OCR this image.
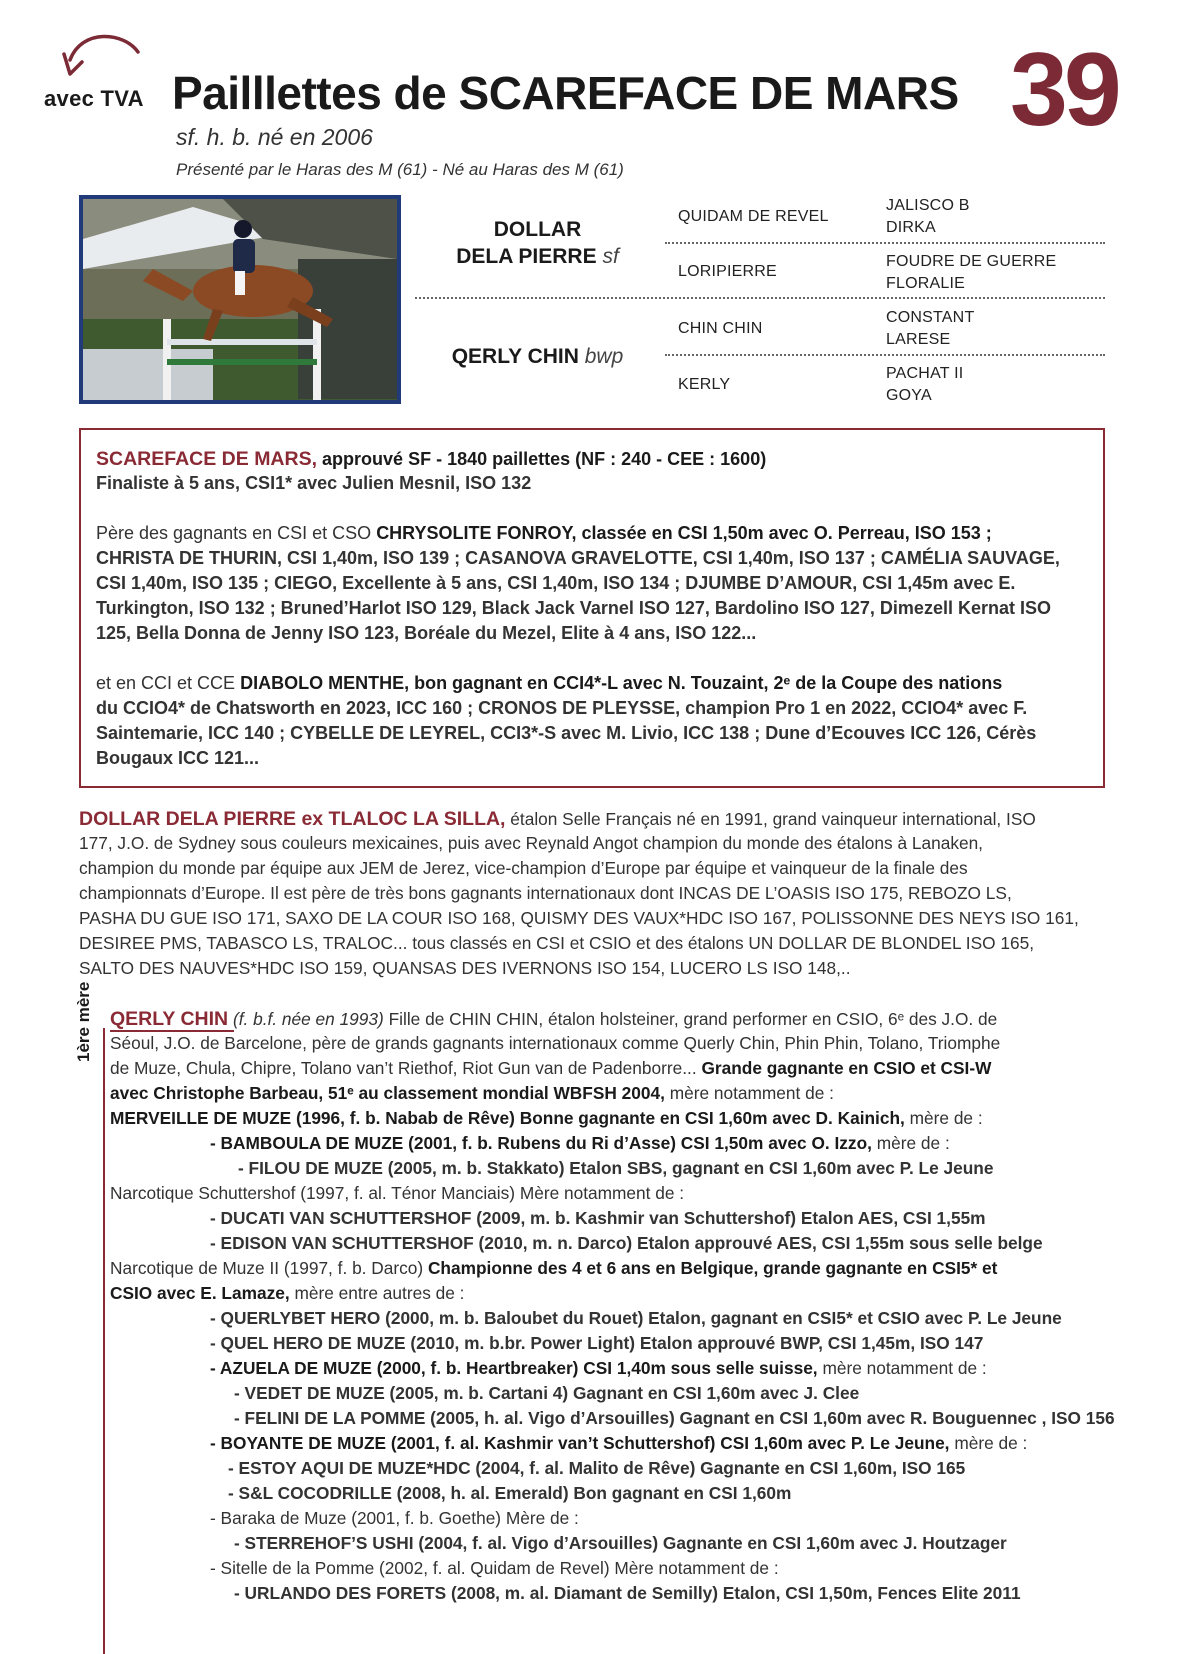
avec TVA Pailllettes de SCAREFACE DE MARS 39
sf. h. b. né en 2006
Présenté par le Haras des M (61) - Né au Haras des M (61)
DOLLAR
DELA PIERRE sf
QERLY CHIN bwp
QUIDAM DE REVEL
LORIPIERRE
CHIN CHIN
KERLY
JALISCO B
DIRKA
FOUDRE DE GUERRE
FLORALIE
CONSTANT
LARESE
PACHAT II
GOYA
SCAREFACE DE MARS, approuvé SF - 1840 paillettes (NF : 240 - CEE : 1600)
Finaliste à 5 ans, CSI1* avec Julien Mesnil, ISO 132
Père des gagnants en CSI et CSO CHRYSOLITE FONROY, classée en CSI 1,50m avec O. Perreau, ISO 153 ;
CHRISTA DE THURIN, CSI 1,40m, ISO 139 ; CASANOVA GRAVELOTTE, CSI 1,40m, ISO 137 ; CAMÉLIA SAUVAGE,
CSI 1,40m, ISO 135 ; CIEGO, Excellente à 5 ans, CSI 1,40m, ISO 134 ; DJUMBE D’AMOUR, CSI 1,45m avec E.
Turkington, ISO 132 ; Bruned’Harlot ISO 129, Black Jack Varnel ISO 127, Bardolino ISO 127, Dimezell Kernat ISO
125, Bella Donna de Jenny ISO 123, Boréale du Mezel, Elite à 4 ans, ISO 122...
et en CCI et CCE DIABOLO MENTHE, bon gagnant en CCI4*-L avec N. Touzaint, 2ᵉ de la Coupe des nations
du CCIO4* de Chatsworth en 2023, ICC 160 ; CRONOS DE PLEYSSE, champion Pro 1 en 2022, CCIO4* avec F.
Saintemarie, ICC 140 ; CYBELLE DE LEYREL, CCI3*-S avec M. Livio, ICC 138 ; Dune d’Ecouves ICC 126, Cérès
Bougaux ICC 121...
DOLLAR DELA PIERRE ex TLALOC LA SILLA, étalon Selle Français né en 1991, grand vainqueur international, ISO
177, J.O. de Sydney sous couleurs mexicaines, puis avec Reynald Angot champion du monde des étalons à Lanaken,
champion du monde par équipe aux JEM de Jerez, vice-champion d’Europe par équipe et vainqueur de la finale des
championnats d’Europe. Il est père de très bons gagnants internationaux dont INCAS DE L’OASIS ISO 175, REBOZO LS,
PASHA DU GUE ISO 171, SAXO DE LA COUR ISO 168, QUISMY DES VAUX*HDC ISO 167, POLISSONNE DES NEYS ISO 161,
DESIREE PMS, TABASCO LS, TRALOC... tous classés en CSI et CSIO et des étalons UN DOLLAR DE BLONDEL ISO 165,
SALTO DES NAUVES*HDC ISO 159, QUANSAS DES IVERNONS ISO 154, LUCERO LS ISO 148,..
1ère mère QERLY CHIN (f. b.f. née en 1993) Fille de CHIN CHIN, étalon holsteiner, grand performer en CSIO, 6ᵉ des J.O. de
Séoul, J.O. de Barcelone, père de grands gagnants internationaux comme Querly Chin, Phin Phin, Tolano, Triomphe
de Muze, Chula, Chipre, Tolano van’t Riethof, Riot Gun van de Padenborre... Grande gagnante en CSIO et CSI-W
avec Christophe Barbeau, 51ᵉ au classement mondial WBFSH 2004, mère notamment de :
MERVEILLE DE MUZE (1996, f. b. Nabab de Rêve) Bonne gagnante en CSI 1,60m avec D. Kainich, mère de :
- BAMBOULA DE MUZE (2001, f. b. Rubens du Ri d’Asse) CSI 1,50m avec O. Izzo, mère de :
- FILOU DE MUZE (2005, m. b. Stakkato) Etalon SBS, gagnant en CSI 1,60m avec P. Le Jeune
Narcotique Schuttershof (1997, f. al. Ténor Manciais) Mère notamment de :
- DUCATI VAN SCHUTTERSHOF (2009, m. b. Kashmir van Schuttershof) Etalon AES, CSI 1,55m
- EDISON VAN SCHUTTERSHOF (2010, m. n. Darco) Etalon approuvé AES, CSI 1,55m sous selle belge
Narcotique de Muze II (1997, f. b. Darco) Championne des 4 et 6 ans en Belgique, grande gagnante en CSI5* et
CSIO avec E. Lamaze, mère entre autres de :
- QUERLYBET HERO (2000, m. b. Baloubet du Rouet) Etalon, gagnant en CSI5* et CSIO avec P. Le Jeune
- QUEL HERO DE MUZE (2010, m. b.br. Power Light) Etalon approuvé BWP, CSI 1,45m, ISO 147
- AZUELA DE MUZE (2000, f. b. Heartbreaker) CSI 1,40m sous selle suisse, mère notamment de :
- VEDET DE MUZE (2005, m. b. Cartani 4) Gagnant en CSI 1,60m avec J. Clee
- FELINI DE LA POMME (2005, h. al. Vigo d’Arsouilles) Gagnant en CSI 1,60m avec R. Bouguennec , ISO 156
- BOYANTE DE MUZE (2001, f. al. Kashmir van’t Schuttershof) CSI 1,60m avec P. Le Jeune, mère de :
- ESTOY AQUI DE MUZE*HDC (2004, f. al. Malito de Rêve) Gagnante en CSI 1,60m, ISO 165
- S&L COCODRILLE (2008, h. al. Emerald) Bon gagnant en CSI 1,60m
- Baraka de Muze (2001, f. b. Goethe) Mère de :
- STERREHOF’S USHI (2004, f. al. Vigo d’Arsouilles) Gagnante en CSI 1,60m avec J. Houtzager
- Sitelle de la Pomme (2002, f. al. Quidam de Revel) Mère notamment de :
- URLANDO DES FORETS (2008, m. al. Diamant de Semilly) Etalon, CSI 1,50m, Fences Elite 2011
